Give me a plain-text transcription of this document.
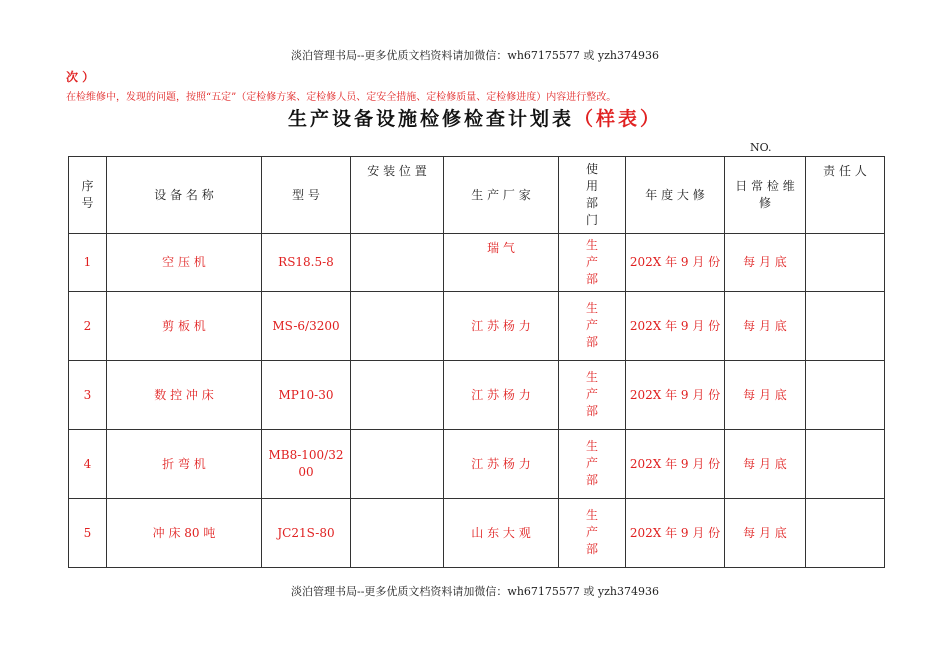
淡泊管理书局--更多优质文档资料请加微信：wh67175577 或 yzh374936
次 ）
在检维修中，发现的问题，按照“五定”（定检修方案、定检修人员、定安全措施、定检修质量、定检修进度）内容进行整改。
生产设备设施检修检查计划表（样表）
NO.
序号	设 备 名 称	型 号	安 装 位 置	生 产 厂 家	使用部门	年 度 大 修	日 常 检 维 修	责 任 人
1	空 压 机	RS18.5-8		瑞 气	生产部	202X 年 9 月 份	每 月 底	
2	剪 板 机	MS-6/3200		江 苏 杨 力	生产部	202X 年 9 月 份	每 月 底	
3	数 控 冲 床	MP10-30		江 苏 杨 力	生产部	202X 年 9 月 份	每 月 底	
4	折 弯 机	MB8-100/3200		江 苏 杨 力	生产部	202X 年 9 月 份	每 月 底	
5	冲 床 80 吨	JC21S-80		山 东 大 观	生产部	202X 年 9 月 份	每 月 底	
淡泊管理书局--更多优质文档资料请加微信：wh67175577 或 yzh374936
